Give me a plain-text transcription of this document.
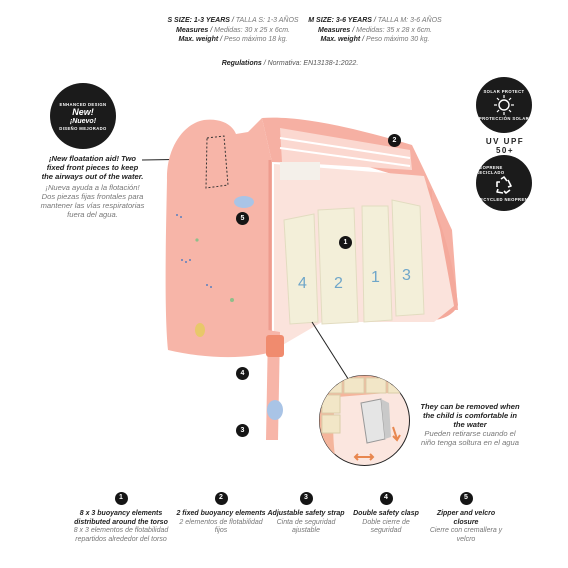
S SIZE: 1-3 YEARS / TALLA S: 1-3 AÑOS
Measures / Medidas: 30 x 25 x 6cm.
Max. weight / Peso máximo 18 kg.
M SIZE: 3-6 YEARS / TALLA M: 3-6 AÑOS
Measures / Medidas: 35 x 28 x 6cm.
Max. weight / Peso máximo 30 kg.
Regulations / Normativa: EN13138-1:2022.
ENHANCED DESIGN
New!
¡Nuevo!
DISEÑO MEJORADO
SOLAR PROTECT
PROTECCIÓN SOLAR
UV UPF 50+
NEOPRENE RECICLADO
RECYCLED NEOPRENE
¡New floatation aid! Two fixed front pieces to keep the airways out of the water.
¡Nueva ayuda a la flotación! Dos piezas fijas frontales para mantener las vías respiratorias fuera del agua.
4 2 1 3
They can be removed when the child is comfortable in the water
Pueden retirarse cuando el niño tenga soltura en el agua
1
2
3
4
5
1
8 x 3 buoyancy elements distributed around the torso
8 x 3 elementos de flotabilidad repartidos alrededor del torso
2
2 fixed buoyancy elements
2 elementos de flotabilidad fijos
3
Adjustable safety strap
Cinta de seguridad ajustable
4
Double safety clasp
Doble cierre de seguridad
5
Zipper and velcro closure
Cierre con cremallera y velcro
